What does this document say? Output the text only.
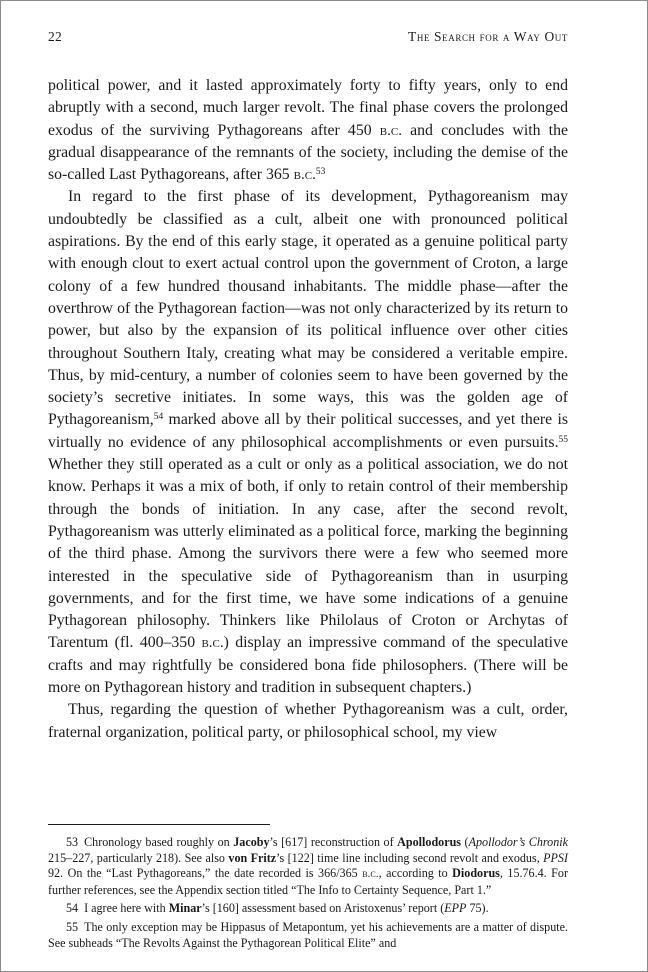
22	The Search for a Way Out

political power, and it lasted approximately forty to fifty years, only to end abruptly with a second, much larger revolt. The final phase covers the prolonged exodus of the surviving Pythagoreans after 450 b.c. and concludes with the gradual disappearance of the remnants of the society, including the demise of the so-called Last Pythagoreans, after 365 b.c.$^{53}$

In regard to the first phase of its development, Pythagoreanism may undoubtedly be classified as a cult, albeit one with pronounced political aspirations. By the end of this early stage, it operated as a genuine political party with enough clout to exert actual control upon the government of Croton, a large colony of a few hundred thousand inhabitants. The middle phase—after the overthrow of the Pythagorean faction—was not only characterized by its return to power, but also by the expansion of its political influence over other cities throughout Southern Italy, creating what may be considered a veritable empire. Thus, by mid-century, a number of colonies seem to have been governed by the society’s secretive initiates. In some ways, this was the golden age of Pythagoreanism,$^{54}$ marked above all by their political successes, and yet there is virtually no evidence of any philosophical accomplishments or even pursuits.$^{55}$ Whether they still operated as a cult or only as a political association, we do not know. Perhaps it was a mix of both, if only to retain control of their membership through the bonds of initiation. In any case, after the second revolt, Pythagoreanism was utterly eliminated as a political force, marking the beginning of the third phase. Among the survivors there were a few who seemed more interested in the speculative side of Pythagoreanism than in usurping governments, and for the first time, we have some indications of a genuine Pythagorean philosophy. Thinkers like Philolaus of Croton or Archytas of Tarentum (fl. 400–350 b.c.) display an impressive command of the speculative crafts and may rightfully be considered bona fide philosophers. (There will be more on Pythagorean history and tradition in subsequent chapters.)

Thus, regarding the question of whether Pythagoreanism was a cult, order, fraternal organization, political party, or philosophical school, my view

53 Chronology based roughly on Jacoby’s [617] reconstruction of Apollodorus (Apollodor’s Chronik 215–227, particularly 218). See also von Fritz’s [122] time line including second revolt and exodus, PPSI 92. On the “Last Pythagoreans,” the date recorded is 366/365 b.c., according to Diodorus, 15.76.4. For further references, see the Appendix section titled “The Info to Certainty Sequence, Part 1.”

54 I agree here with Minar’s [160] assessment based on Aristoxenus’ report (EPP 75).

55 The only exception may be Hippasus of Metapontum, yet his achievements are a matter of dispute. See subheads “The Revolts Against the Pythagorean Political Elite” and
